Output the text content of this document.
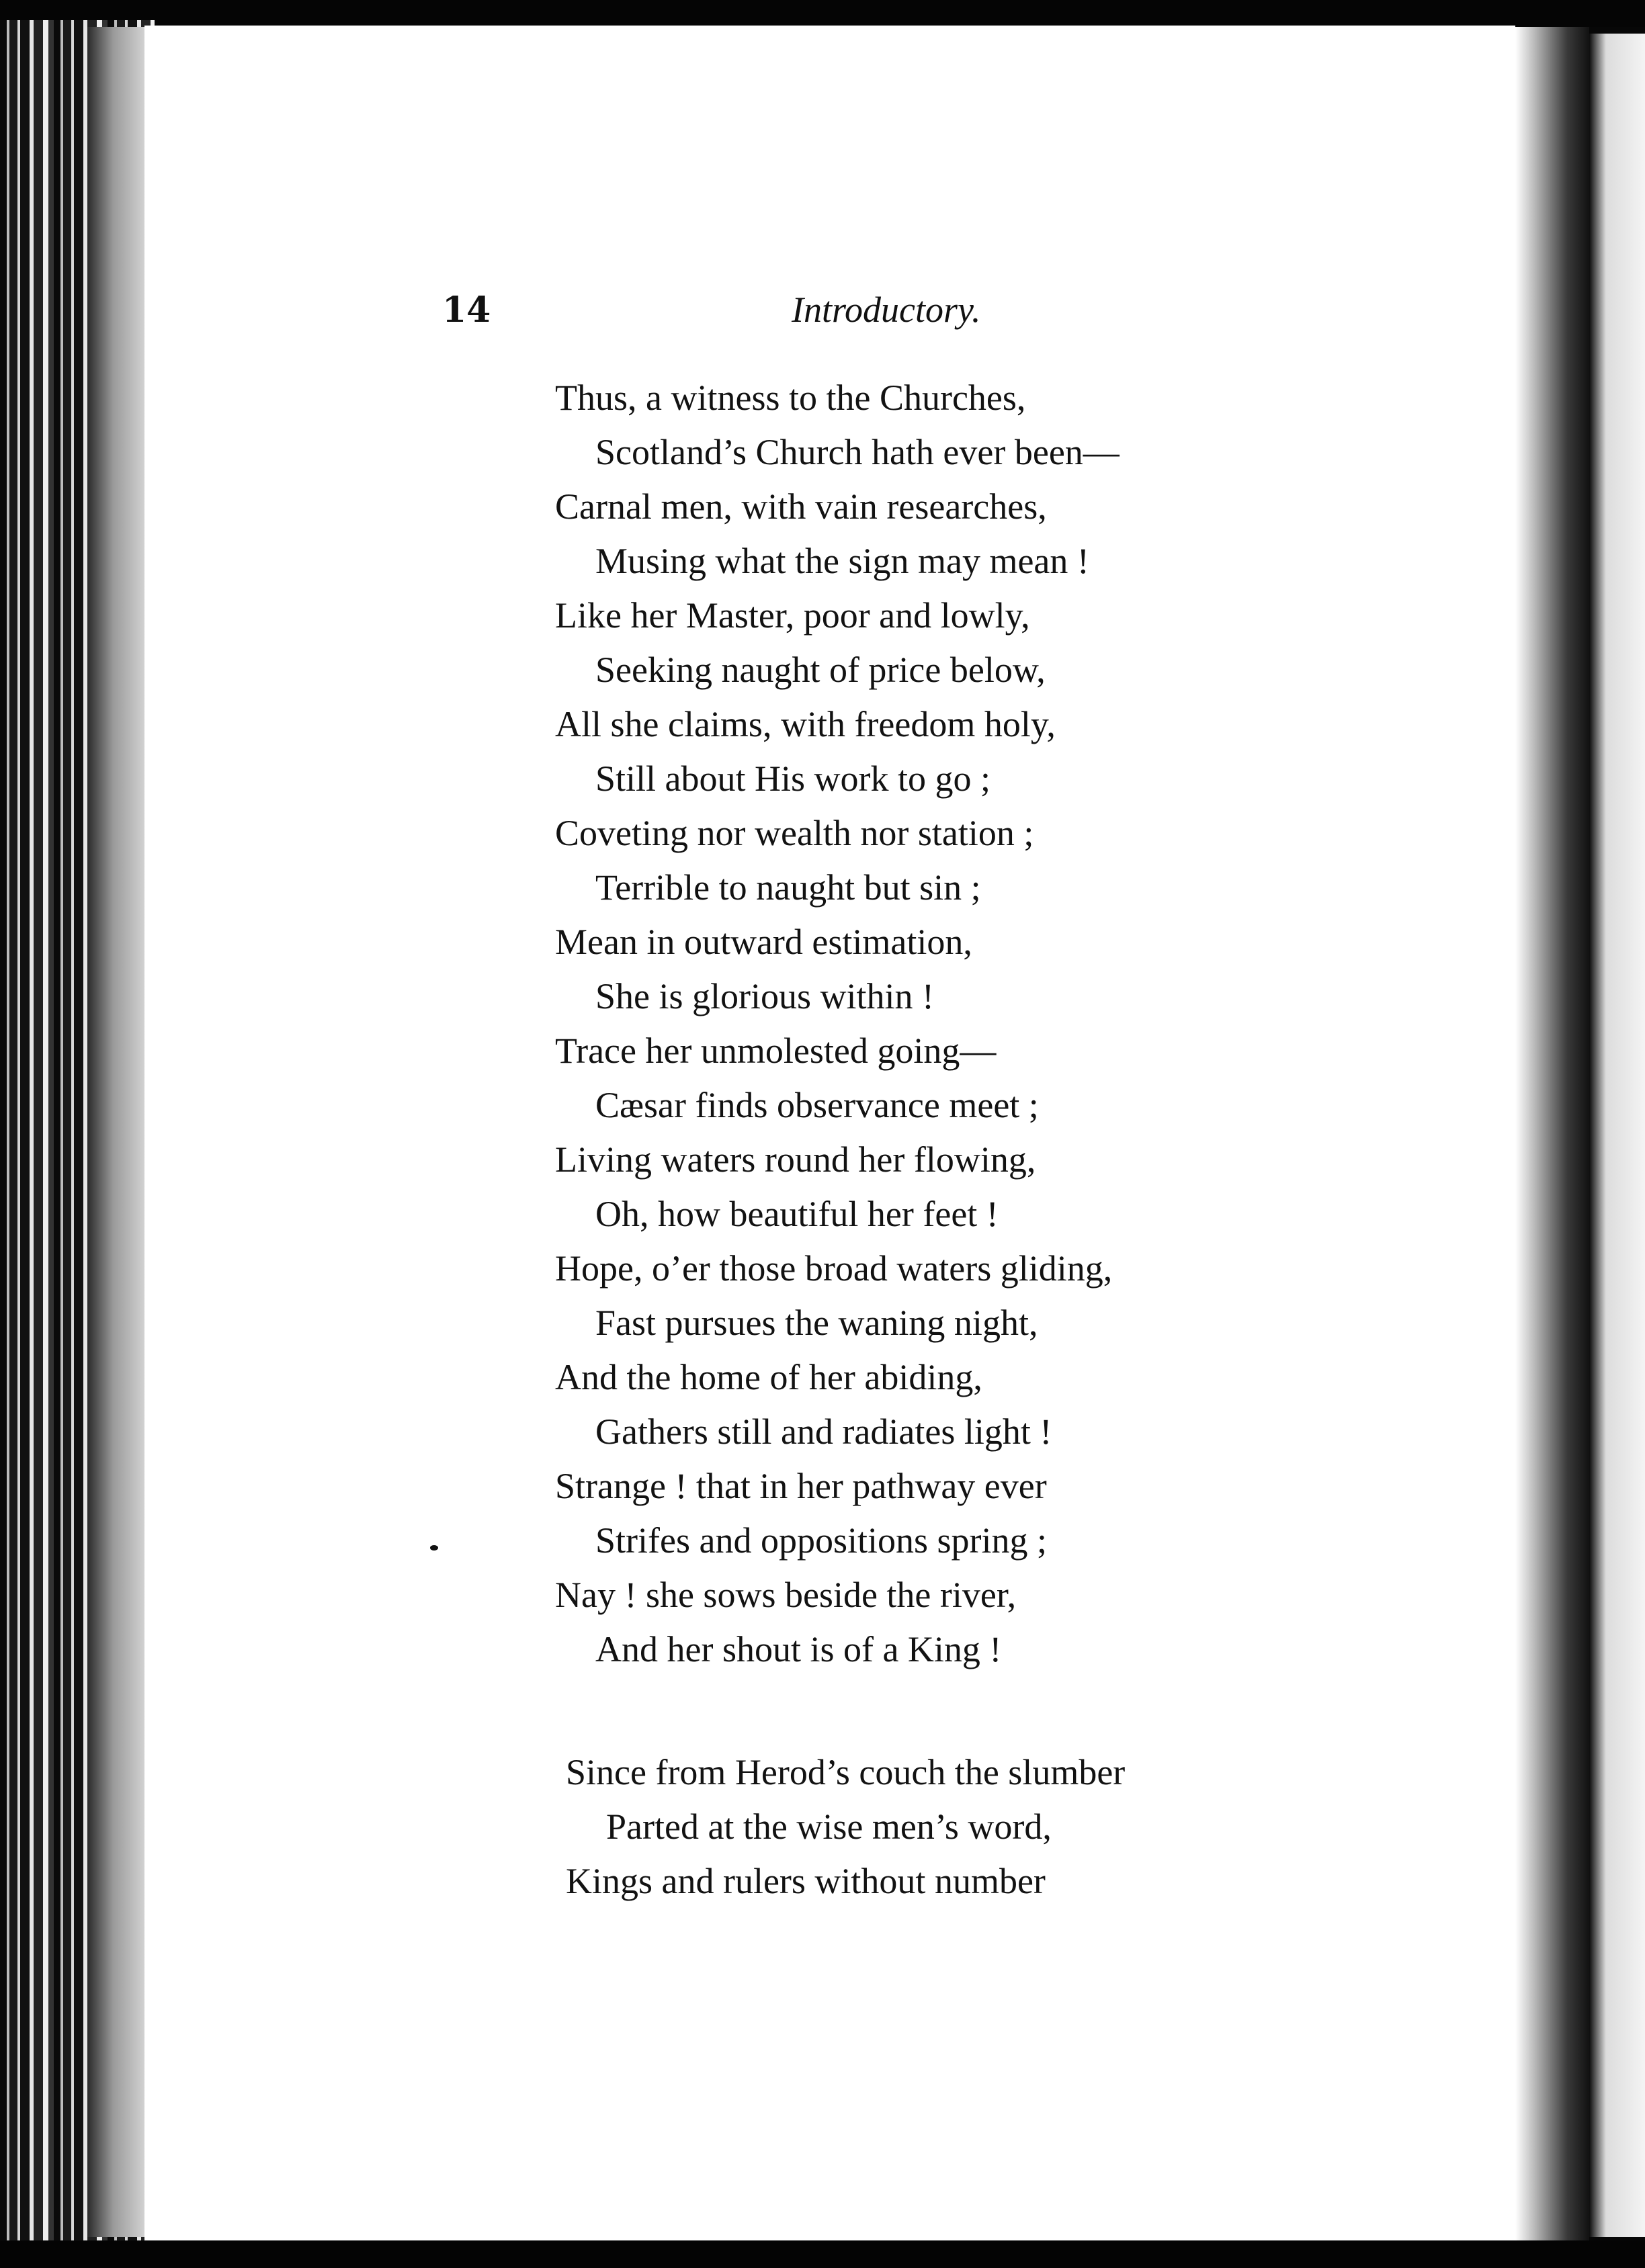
14	Introductory.

Thus, a witness to the Churches,
Scotland’s Church hath ever been—
Carnal men, with vain researches,
Musing what the sign may mean !
Like her Master, poor and lowly,
Seeking naught of price below,
All she claims, with freedom holy,
Still about His work to go ;
Coveting nor wealth nor station ;
Terrible to naught but sin ;
Mean in outward estimation,
She is glorious within !
Trace her unmolested going—
Cæsar finds observance meet ;
Living waters round her flowing,
Oh, how beautiful her feet !
Hope, o’er those broad waters gliding,
Fast pursues the waning night,
And the home of her abiding,
Gathers still and radiates light !
Strange ! that in her pathway ever
Strifes and oppositions spring ;
Nay ! she sows beside the river,
And her shout is of a King !
Since from Herod’s couch the slumber
Parted at the wise men’s word,
Kings and rulers without number
